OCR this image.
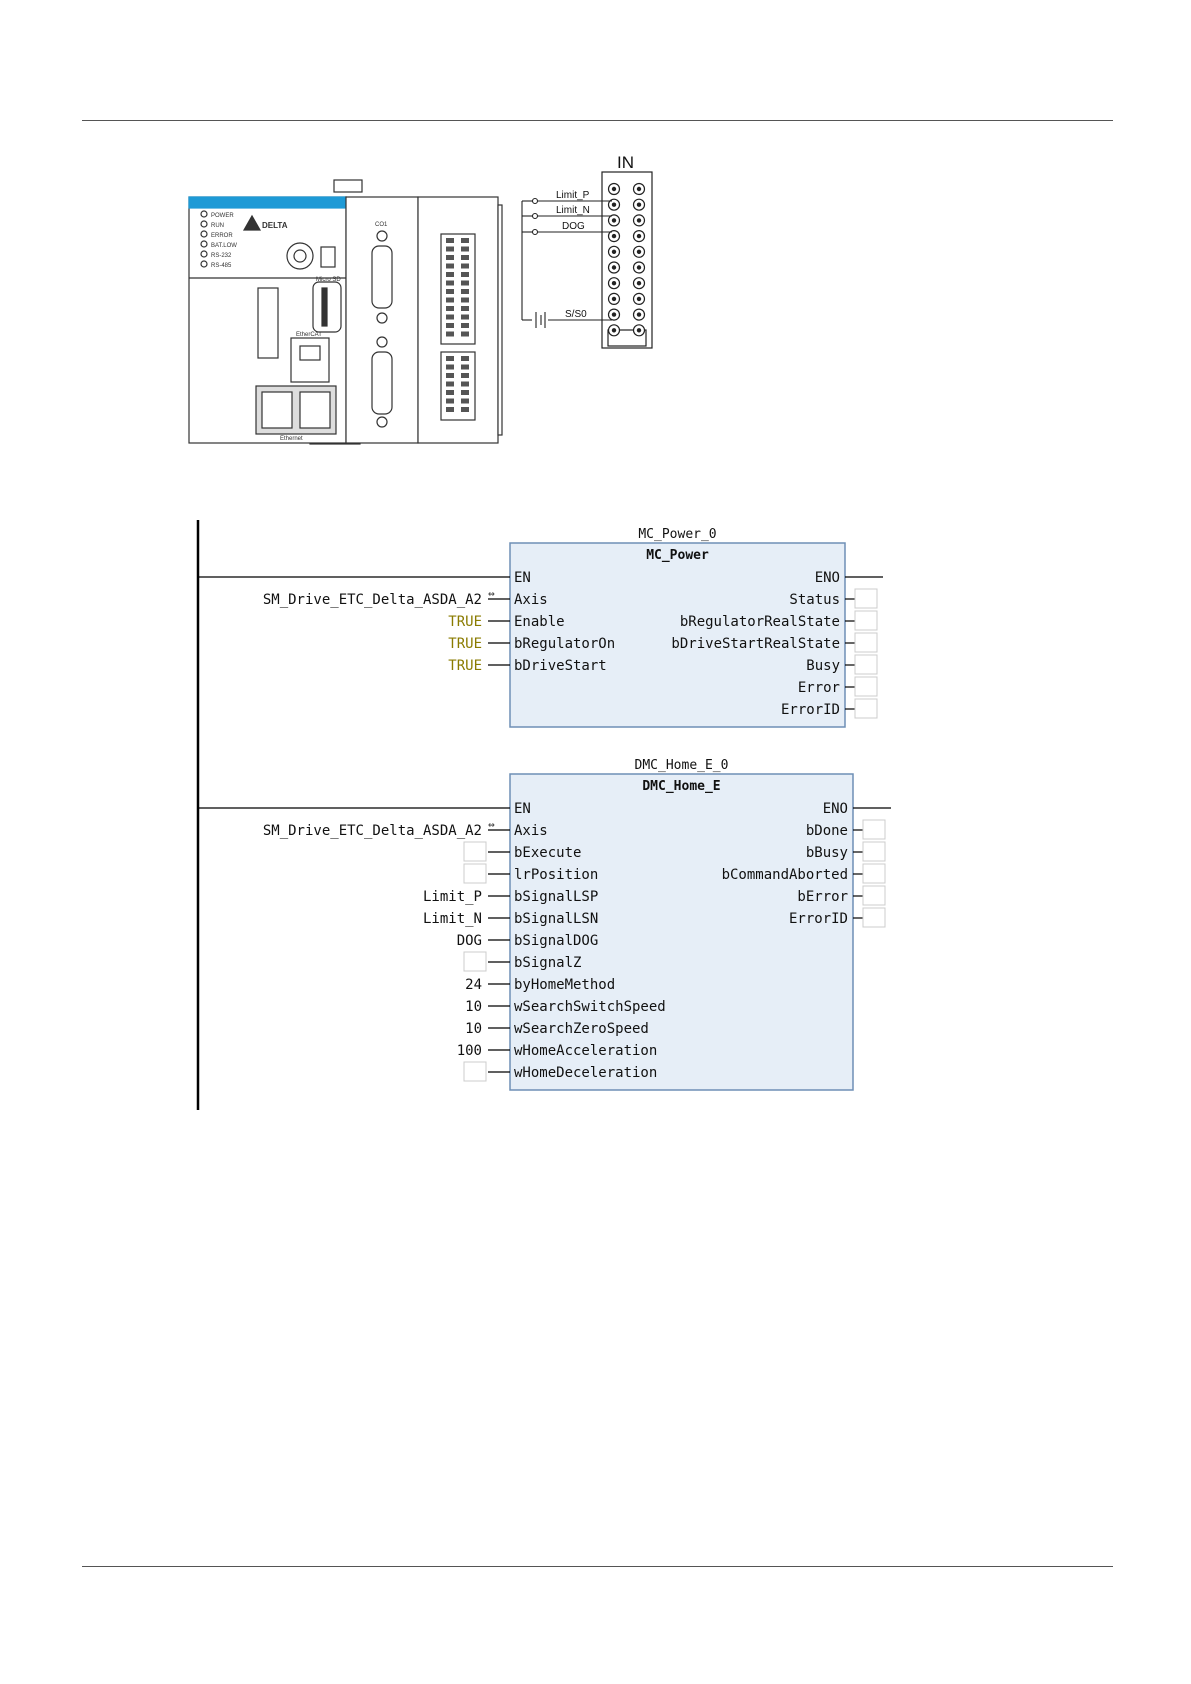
POWER
RUN
ERROR
BAT.LOW
RS-232
RS-485
DELTA
Micro SD
EtherCAT
Ethernet
CO1
IN
Limit_P
Limit_N
DOG
S/S0
MC_Power_0
MC_Power
EN
Axis
⇔
SM_Drive_ETC_Delta_ASDA_A2
Enable
TRUE
bRegulatorOn
TRUE
bDriveStart
TRUE
ENO
Status
bRegulatorRealState
bDriveStartRealState
Busy
Error
ErrorID
DMC_Home_E_0
DMC_Home_E
EN
Axis
⇔
SM_Drive_ETC_Delta_ASDA_A2
bExecute
lrPosition
bSignalLSP
Limit_P
bSignalLSN
Limit_N
bSignalDOG
DOG
bSignalZ
byHomeMethod
24
wSearchSwitchSpeed
10
wSearchZeroSpeed
10
wHomeAcceleration
100
wHomeDeceleration
ENO
bDone
bBusy
bCommandAborted
bError
ErrorID
